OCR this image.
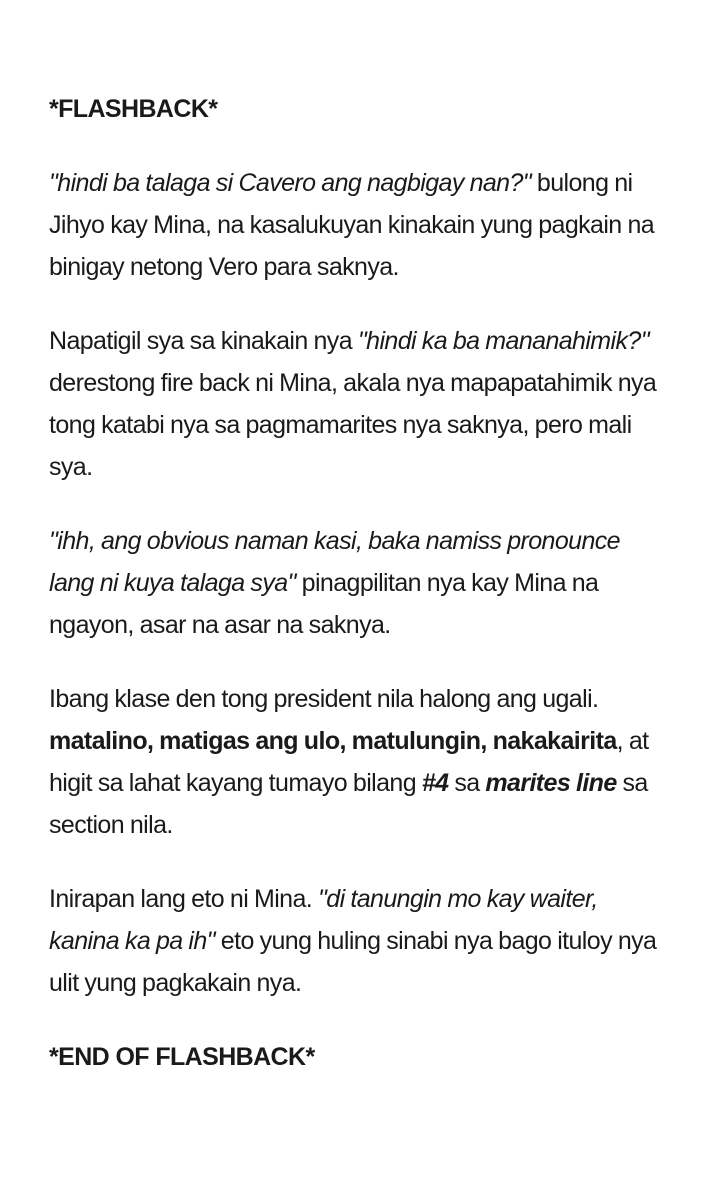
*FLASHBACK*

"hindi ba talaga si Cavero ang nagbigay nan?" bulong ni Jihyo kay Mina, na kasalukuyan kinakain yung pagkain na binigay netong Vero para saknya.

Napatigil sya sa kinakain nya "hindi ka ba mananahimik?" derestong fire back ni Mina, akala nya mapapatahimik nya tong katabi nya sa pagmamarites nya saknya, pero mali sya.

"ihh, ang obvious naman kasi, baka namiss pronounce lang ni kuya talaga sya" pinagpilitan nya kay Mina na ngayon, asar na asar na saknya.

Ibang klase den tong president nila halong ang ugali. matalino, matigas ang ulo, matulungin, nakakairita, at higit sa lahat kayang tumayo bilang #4 sa marites line sa section nila.

Inirapan lang eto ni Mina. "di tanungin mo kay waiter, kanina ka pa ih" eto yung huling sinabi nya bago ituloy nya ulit yung pagkakain nya.

*END OF FLASHBACK*
